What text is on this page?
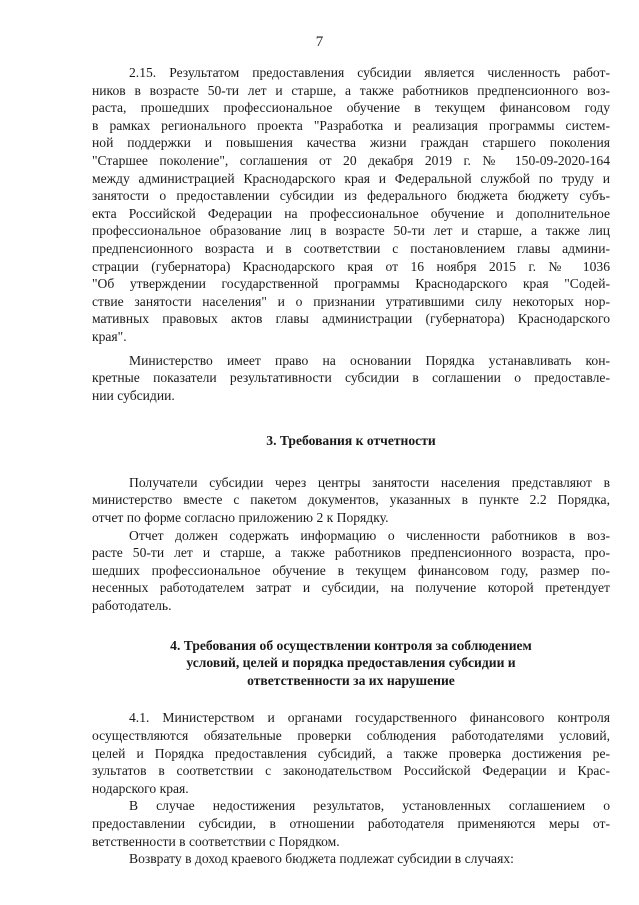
7
2.15. Результатом предоставления субсидии является численность работ-
ников в возрасте 50-ти лет и старше, а также работников предпенсионного воз-
раста, прошедших профессиональное обучение в текущем финансовом году
в рамках регионального проекта "Разработка и реализация программы систем-
ной поддержки и повышения качества жизни граждан старшего поколения
"Старшее поколение", соглашения от 20 декабря 2019 г. № 150-09-2020-164
между администрацией Краснодарского края и Федеральной службой по труду и
занятости о предоставлении субсидии из федерального бюджета бюджету субъ-
екта Российской Федерации на профессиональное обучение и дополнительное
профессиональное образование лиц в возрасте 50-ти лет и старше, а также лиц
предпенсионного возраста и в соответствии с постановлением главы админи-
страции (губернатора) Краснодарского края от 16 ноября 2015 г. № 1036
"Об утверждении государственной программы Краснодарского края "Содей-
ствие занятости населения" и о признании утратившими силу некоторых нор-
мативных правовых актов главы администрации (губернатора) Краснодарского
края".
Министерство имеет право на основании Порядка устанавливать кон-
кретные показатели результативности субсидии в соглашении о предоставле-
нии субсидии.
3. Требования к отчетности
Получатели субсидии через центры занятости населения представляют в
министерство вместе с пакетом документов, указанных в пункте 2.2 Порядка,
отчет по форме согласно приложению 2 к Порядку.
Отчет должен содержать информацию о численности работников в воз-
расте 50-ти лет и старше, а также работников предпенсионного возраста, про-
шедших профессиональное обучение в текущем финансовом году, размер по-
несенных работодателем затрат и субсидии, на получение которой претендует
работодатель.
4. Требования об осуществлении контроля за соблюдением
условий, целей и порядка предоставления субсидии и
ответственности за их нарушение
4.1. Министерством и органами государственного финансового контроля
осуществляются обязательные проверки соблюдения работодателями условий,
целей и Порядка предоставления субсидий, а также проверка достижения ре-
зультатов в соответствии с законодательством Российской Федерации и Крас-
нодарского края.
В случае недостижения результатов, установленных соглашением о
предоставлении субсидии, в отношении работодателя применяются меры от-
ветственности в соответствии с Порядком.
Возврату в доход краевого бюджета подлежат субсидии в случаях:
